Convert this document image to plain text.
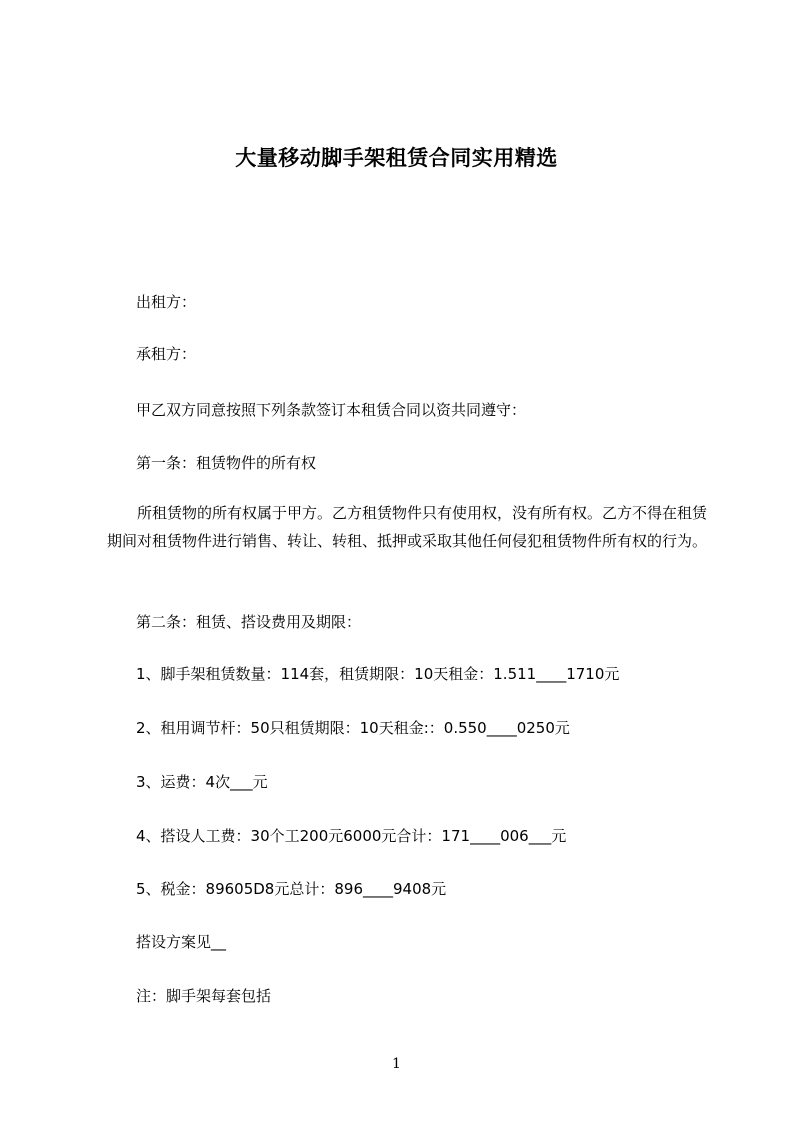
大量移动脚手架租赁合同实用精选
出租方：
承租方：
甲乙双方同意按照下列条款签订本租赁合同以资共同遵守：
第一条：租赁物件的所有权
所租赁物的所有权属于甲方。乙方租赁物件只有使用权，没有所有权。乙方不得在租赁期间对租赁物件进行销售、转让、转租、抵押或采取其他任何侵犯租赁物件所有权的行为。
第二条：租赁、搭设费用及期限：
1、脚手架租赁数量：114套，租赁期限：10天租金：1.511____1710元
2、租用调节杆：50只租赁期限：10天租金:：0.550____0250元
3、运费：4次___元
4、搭设人工费：30个工200元6000元合计：171____006___元
5、税金：89605D8元总计：896____9408元
搭设方案见__
注：脚手架每套包括
1
